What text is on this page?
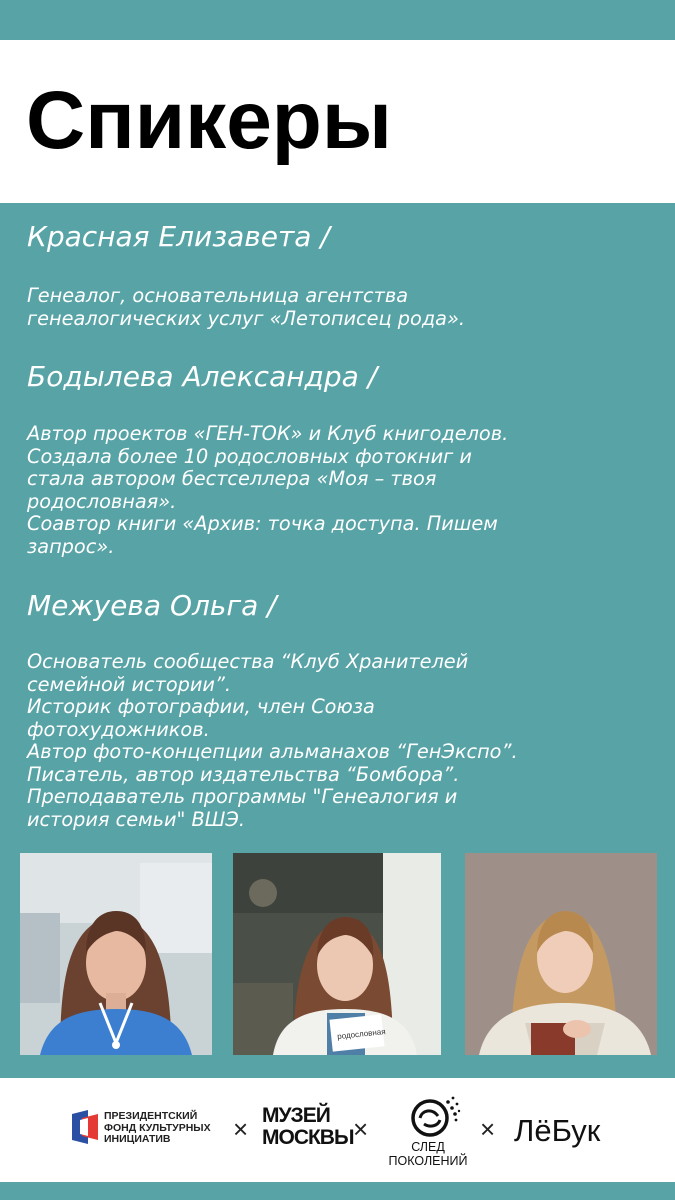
Спикеры
Красная Елизавета /
Генеалог, основательница агентства
генеалогических услуг «Летописец рода».
Бодылева Александра /
Автор проектов «ГЕН-ТОК» и Клуб книгоделов.
Создала более 10 родословных фотокниг и
стала автором бестселлера «Моя – твоя
родословная».
Соавтор книги «Архив: точка доступа. Пишем
запрос».
Межуева Ольга /
Основатель сообщества “Клуб Хранителей
семейной истории”.
Историк фотографии, член Союза
фотохудожников.
Автор фото-концепции альманахов “ГенЭкспо”.
Писатель, автор издательства “Бомбора”.
Преподаватель программы "Генеалогия и
история семьи" ВШЭ.
родословная
ПРЕЗИДЕНТСКИЙ
ФОНД КУЛЬТУРНЫХ
ИНИЦИАТИВ	× МУЗЕЙ
МОСКВЫ ×
СЛЕД
ПОКОЛЕНИЙ
× ЛёБук
